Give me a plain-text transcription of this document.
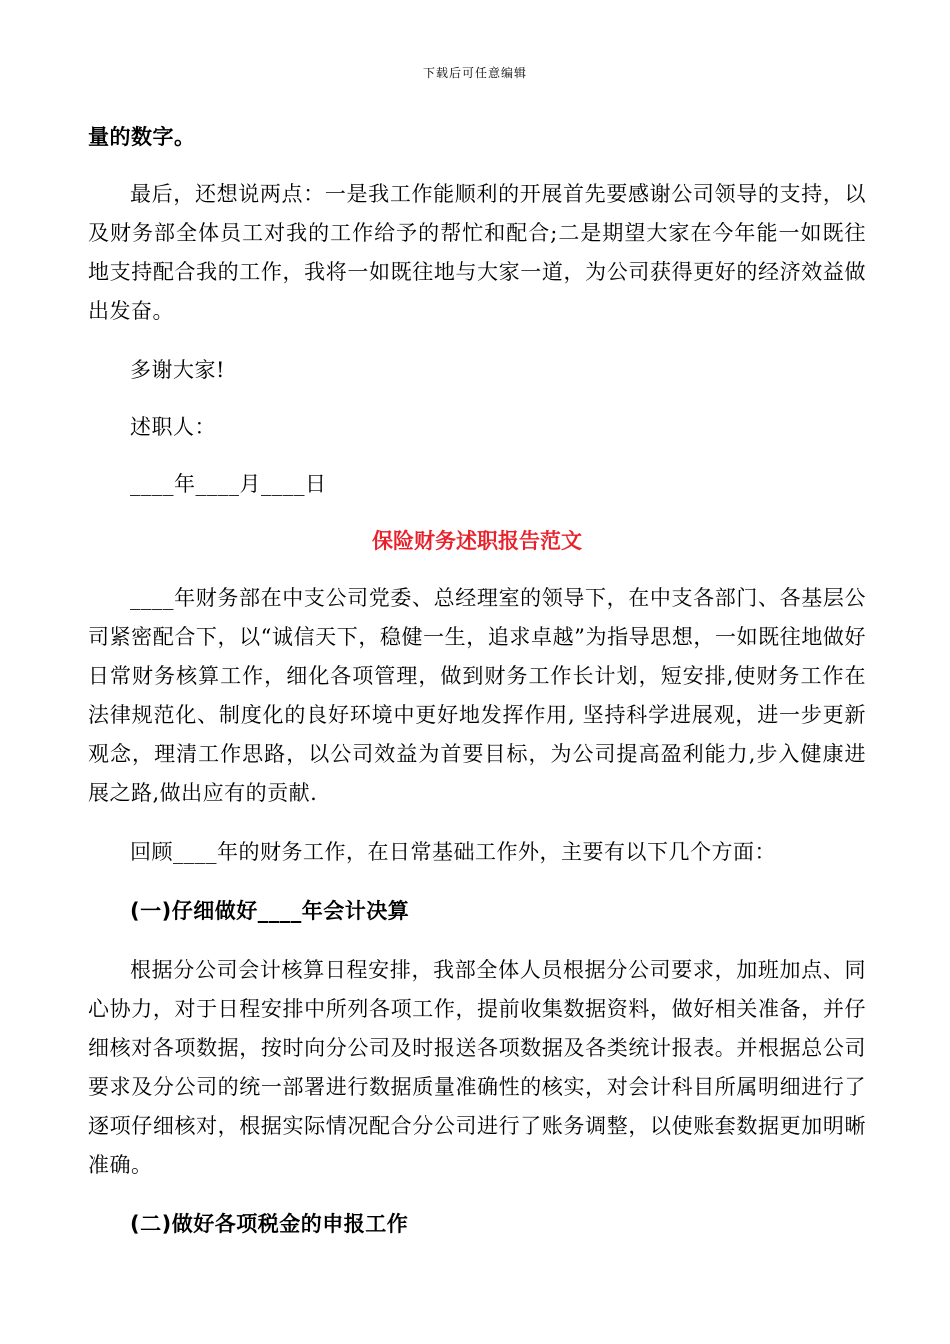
下载后可任意编辑

量的数字。

最后，还想说两点：一是我工作能顺利的开展首先要感谢公司领导的支持，以及财务部全体员工对我的工作给予的帮忙和配合;二是期望大家在今年能一如既往地支持配合我的工作，我将一如既往地与大家一道，为公司获得更好的经济效益做出发奋。

多谢大家!

述职人：

____年____月____日

保险财务述职报告范文

____年财务部在中支公司党委、总经理室的领导下，在中支各部门、各基层公司紧密配合下，以“诚信天下，稳健一生，追求卓越”为指导思想，一如既往地做好日常财务核算工作，细化各项管理，做到财务工作长计划，短安排,使财务工作在法律规范化、制度化的良好环境中更好地发挥作用, 坚持科学进展观，进一步更新观念，理清工作思路，以公司效益为首要目标，为公司提高盈利能力,步入健康进展之路,做出应有的贡献.

回顾____年的财务工作，在日常基础工作外，主要有以下几个方面：

(一)仔细做好____年会计决算

根据分公司会计核算日程安排，我部全体人员根据分公司要求，加班加点、同心协力，对于日程安排中所列各项工作，提前收集数据资料，做好相关准备，并仔细核对各项数据，按时向分公司及时报送各项数据及各类统计报表。并根据总公司要求及分公司的统一部署进行数据质量准确性的核实，对会计科目所属明细进行了逐项仔细核对，根据实际情况配合分公司进行了账务调整，以使账套数据更加明晰准确。

(二)做好各项税金的申报工作
